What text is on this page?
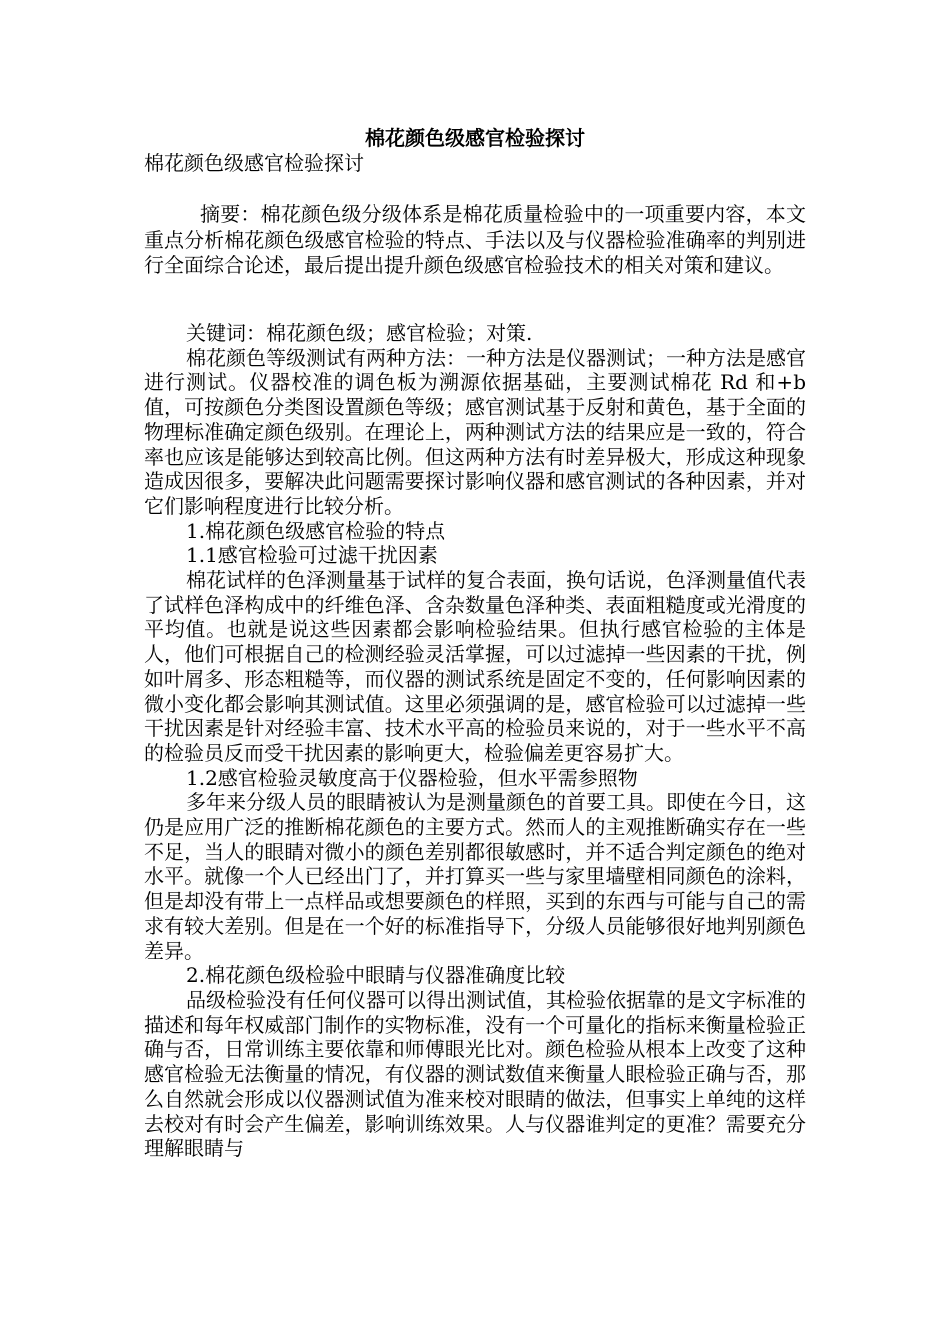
棉花颜色级感官检验探讨
棉花颜色级感官检验探讨

摘要：棉花颜色级分级体系是棉花质量检验中的一项重要内容，本文重点分析棉花颜色级感官检验的特点、手法以及与仪器检验准确率的判别进行全面综合论述，最后提出提升颜色级感官检验技术的相关对策和建议。

关键词：棉花颜色级；感官检验；对策.

棉花颜色等级测试有两种方法：一种方法是仪器测试；一种方法是感官进行测试。仪器校准的调色板为溯源依据基础，主要测试棉花 Rd 和+b 值，可按颜色分类图设置颜色等级；感官测试基于反射和黄色，基于全面的物理标准确定颜色级别。在理论上，两种测试方法的结果应是一致的，符合率也应该是能够达到较高比例。但这两种方法有时差异极大，形成这种现象造成因很多，要解决此问题需要探讨影响仪器和感官测试的各种因素，并对它们影响程度进行比较分析。

1.棉花颜色级感官检验的特点

1.1感官检验可过滤干扰因素

棉花试样的色泽测量基于试样的复合表面，换句话说，色泽测量值代表了试样色泽构成中的纤维色泽、含杂数量色泽种类、表面粗糙度或光滑度的平均值。也就是说这些因素都会影响检验结果。但执行感官检验的主体是人，他们可根据自己的检测经验灵活掌握，可以过滤掉一些因素的干扰，例如叶屑多、形态粗糙等，而仪器的测试系统是固定不变的，任何影响因素的微小变化都会影响其测试值。这里必须强调的是，感官检验可以过滤掉一些干扰因素是针对经验丰富、技术水平高的检验员来说的，对于一些水平不高的检验员反而受干扰因素的影响更大，检验偏差更容易扩大。

1.2感官检验灵敏度高于仪器检验，但水平需参照物

多年来分级人员的眼睛被认为是测量颜色的首要工具。即使在今日，这仍是应用广泛的推断棉花颜色的主要方式。然而人的主观推断确实存在一些不足，当人的眼睛对微小的颜色差别都很敏感时，并不适合判定颜色的绝对水平。就像一个人已经出门了，并打算买一些与家里墙壁相同颜色的涂料，但是却没有带上一点样品或想要颜色的样照，买到的东西与可能与自己的需求有较大差别。但是在一个好的标准指导下，分级人员能够很好地判别颜色差异。

2.棉花颜色级检验中眼睛与仪器准确度比较

品级检验没有任何仪器可以得出测试值，其检验依据靠的是文字标准的描述和每年权威部门制作的实物标准，没有一个可量化的指标来衡量检验正确与否，日常训练主要依靠和师傅眼光比对。颜色检验从根本上改变了这种感官检验无法衡量的情况，有仪器的测试数值来衡量人眼检验正确与否，那么自然就会形成以仪器测试值为准来校对眼睛的做法，但事实上单纯的这样去校对有时会产生偏差，影响训练效果。人与仪器谁判定的更准？需要充分理解眼睛与
